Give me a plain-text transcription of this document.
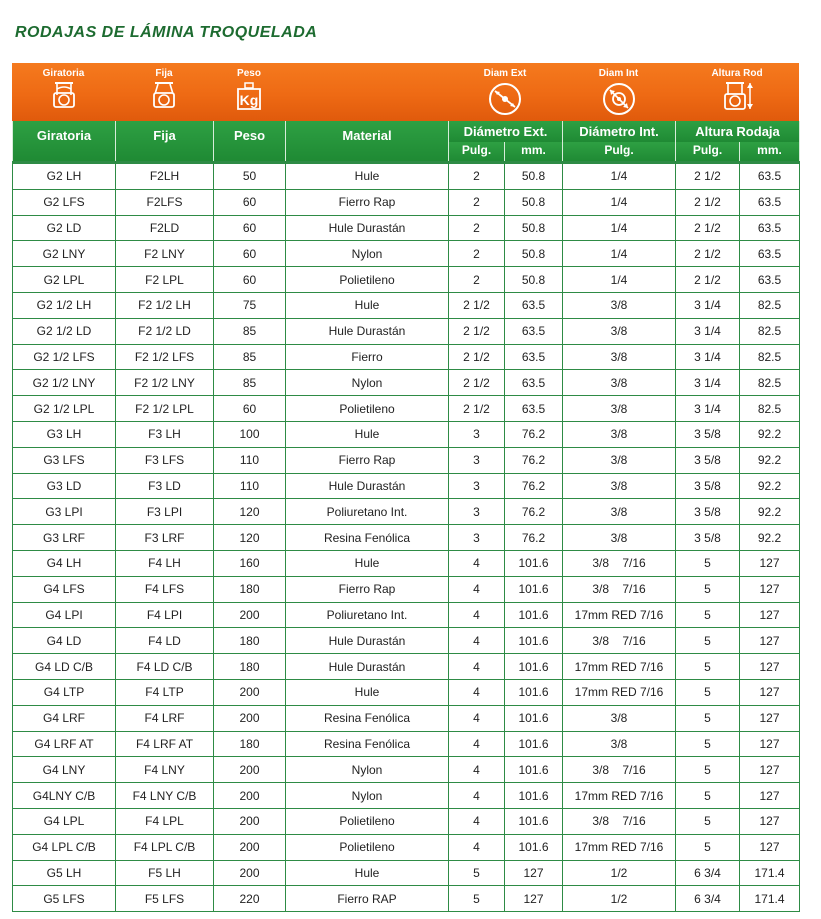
RODAJAS DE LÁMINA TROQUELADA
Giratoria	Fija	Peso
Kg
Diam Ext	Diam Int	Altura Rod
Giratoria	Fija	Peso	Material	Diámetro Ext.		Diámetro Int.	Altura Rodaja	
				Pulg.	mm.	Pulg.	Pulg.	mm.
G2 LH	F2LH	50	Hule	2	50.8	1/4	2 1/2	63.5
G2 LFS	F2LFS	60	Fierro Rap	2	50.8	1/4	2 1/2	63.5
G2 LD	F2LD	60	Hule Durastán	2	50.8	1/4	2 1/2	63.5
G2 LNY	F2 LNY	60	Nylon	2	50.8	1/4	2 1/2	63.5
G2 LPL	F2 LPL	60	Polietileno	2	50.8	1/4	2 1/2	63.5
G2 1/2 LH	F2 1/2 LH	75	Hule	2 1/2	63.5	3/8	3 1/4	82.5
G2 1/2 LD	F2 1/2 LD	85	Hule Durastán	2 1/2	63.5	3/8	3 1/4	82.5
G2 1/2 LFS	F2 1/2 LFS	85	Fierro	2 1/2	63.5	3/8	3 1/4	82.5
G2 1/2 LNY	F2 1/2 LNY	85	Nylon	2 1/2	63.5	3/8	3 1/4	82.5
G2 1/2 LPL	F2 1/2 LPL	60	Polietileno	2 1/2	63.5	3/8	3 1/4	82.5
G3 LH	F3 LH	100	Hule	3	76.2	3/8	3 5/8	92.2
G3 LFS	F3 LFS	110	Fierro Rap	3	76.2	3/8	3 5/8	92.2
G3 LD	F3 LD	110	Hule Durastán	3	76.2	3/8	3 5/8	92.2
G3 LPI	F3 LPI	120	Poliuretano Int.	3	76.2	3/8	3 5/8	92.2
G3 LRF	F3 LRF	120	Resina Fenólica	3	76.2	3/8	3 5/8	92.2
G4 LH	F4 LH	160	Hule	4	101.6	3/8    7/16	5	127
G4 LFS	F4 LFS	180	Fierro Rap	4	101.6	3/8    7/16	5	127
G4 LPI	F4 LPI	200	Poliuretano Int.	4	101.6	17mm RED 7/16	5	127
G4 LD	F4 LD	180	Hule Durastán	4	101.6	3/8    7/16	5	127
G4 LD C/B	F4 LD C/B	180	Hule Durastán	4	101.6	17mm RED 7/16	5	127
G4 LTP	F4 LTP	200	Hule	4	101.6	17mm RED 7/16	5	127
G4 LRF	F4 LRF	200	Resina Fenólica	4	101.6	3/8	5	127
G4 LRF AT	F4 LRF AT	180	Resina Fenólica	4	101.6	3/8	5	127
G4 LNY	F4 LNY	200	Nylon	4	101.6	3/8    7/16	5	127
G4LNY C/B	F4 LNY C/B	200	Nylon	4	101.6	17mm RED 7/16	5	127
G4 LPL	F4 LPL	200	Polietileno	4	101.6	3/8    7/16	5	127
G4 LPL C/B	F4 LPL C/B	200	Polietileno	4	101.6	17mm RED 7/16	5	127
G5 LH	F5 LH	200	Hule	5	127	1/2	6 3/4	171.4
G5 LFS	F5 LFS	220	Fierro RAP	5	127	1/2	6 3/4	171.4
